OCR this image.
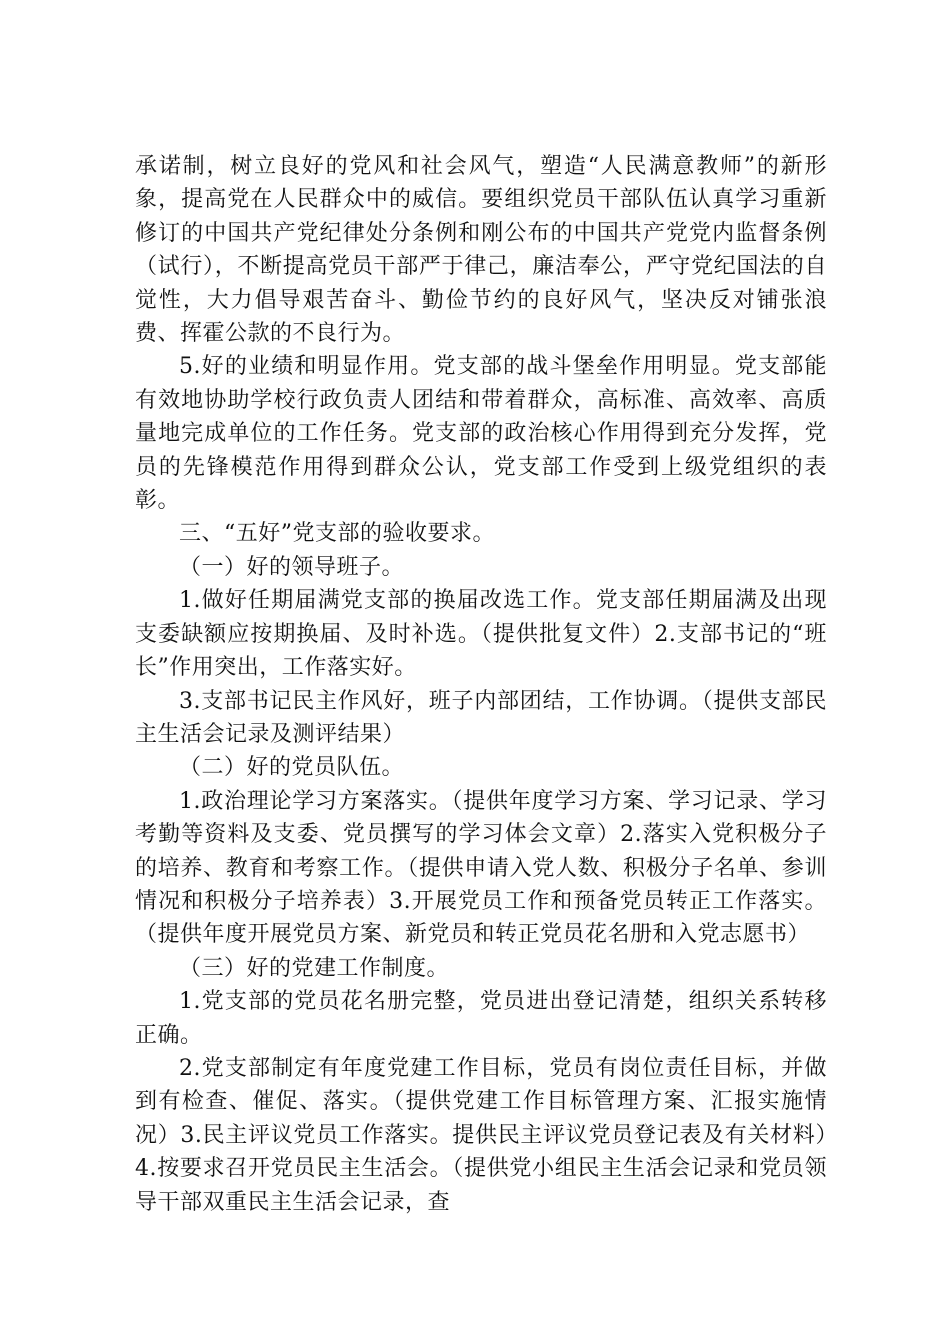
承诺制，树立良好的党风和社会风气，塑造“人民满意教师”的新形象，提高党在人民群众中的威信。要组织党员干部队伍认真学习重新修订的中国共产党纪律处分条例和刚公布的中国共产党党内监督条例（试行），不断提高党员干部严于律己，廉洁奉公，严守党纪国法的自觉性，大力倡导艰苦奋斗、勤俭节约的良好风气，坚决反对铺张浪费、挥霍公款的不良行为。

5.好的业绩和明显作用。党支部的战斗堡垒作用明显。党支部能有效地协助学校行政负责人团结和带着群众，高标准、高效率、高质量地完成单位的工作任务。党支部的政治核心作用得到充分发挥，党员的先锋模范作用得到群众公认，党支部工作受到上级党组织的表彰。

三、“五好”党支部的验收要求。

（一）好的领导班子。

1.做好任期届满党支部的换届改选工作。党支部任期届满及出现支委缺额应按期换届、及时补选。（提供批复文件）2.支部书记的“班长”作用突出，工作落实好。

3.支部书记民主作风好，班子内部团结，工作协调。（提供支部民主生活会记录及测评结果）

（二）好的党员队伍。

1.政治理论学习方案落实。（提供年度学习方案、学习记录、学习考勤等资料及支委、党员撰写的学习体会文章）2.落实入党积极分子的培养、教育和考察工作。（提供申请入党人数、积极分子名单、参训情况和积极分子培养表）3.开展党员工作和预备党员转正工作落实。（提供年度开展党员方案、新党员和转正党员花名册和入党志愿书）

（三）好的党建工作制度。

1.党支部的党员花名册完整，党员进出登记清楚，组织关系转移正确。

2.党支部制定有年度党建工作目标，党员有岗位责任目标，并做到有检查、催促、落实。（提供党建工作目标管理方案、汇报实施情况）3.民主评议党员工作落实。提供民主评议党员登记表及有关材料）4.按要求召开党员民主生活会。（提供党小组民主生活会记录和党员领导干部双重民主生活会记录，查
